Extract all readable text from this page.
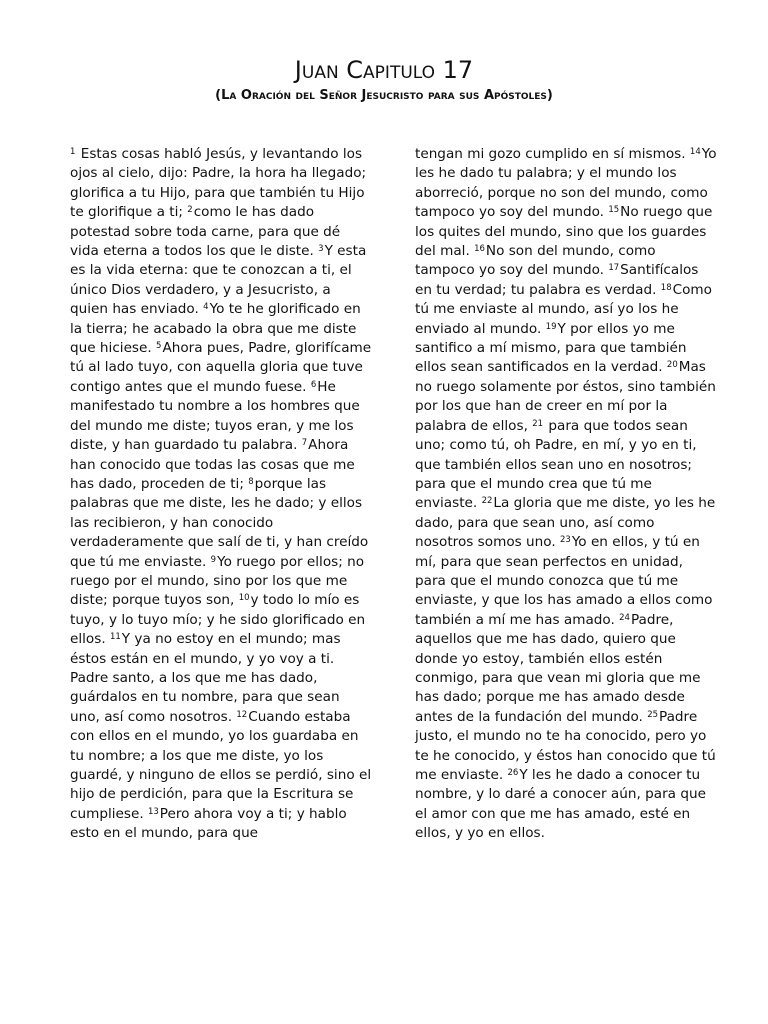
Juan Capitulo 17
(La Oración del Señor Jesucristo para sus Apóstoles)

$^1$ Estas cosas habló Jesús, y levantando los ojos al cielo, dijo: Padre, la hora ha llegado; glorifica a tu Hijo, para que también tu Hijo te glorifique a ti; $^2$como le has dado potestad sobre toda carne, para que dé vida eterna a todos los que le diste. $^3$Y esta es la vida eterna: que te conozcan a ti, el único Dios verdadero, y a Jesucristo, a quien has enviado. $^4$Yo te he glorificado en la tierra; he acabado la obra que me diste que hiciese. $^5$Ahora pues, Padre, glorifícame tú al lado tuyo, con aquella gloria que tuve contigo antes que el mundo fuese. $^6$He manifestado tu nombre a los hombres que del mundo me diste; tuyos eran, y me los diste, y han guardado tu palabra. $^7$Ahora han conocido que todas las cosas que me has dado, proceden de ti; $^8$porque las palabras que me diste, les he dado; y ellos las recibieron, y han conocido verdaderamente que salí de ti, y han creído que tú me enviaste. $^9$Yo ruego por ellos; no ruego por el mundo, sino por los que me diste; porque tuyos son, $^{10}$y todo lo mío es tuyo, y lo tuyo mío; y he sido glorificado en ellos. $^{11}$Y ya no estoy en el mundo; mas éstos están en el mundo, y yo voy a ti. Padre santo, a los que me has dado, guárdalos en tu nombre, para que sean uno, así como nosotros. $^{12}$Cuando estaba con ellos en el mundo, yo los guardaba en tu nombre; a los que me diste, yo los guardé, y ninguno de ellos se perdió, sino el hijo de perdición, para que la Escritura se cumpliese. $^{13}$Pero ahora voy a ti; y hablo esto en el mundo, para que

tengan mi gozo cumplido en sí mismos. $^{14}$Yo les he dado tu palabra; y el mundo los aborreció, porque no son del mundo, como tampoco yo soy del mundo. $^{15}$No ruego que los quites del mundo, sino que los guardes del mal. $^{16}$No son del mundo, como tampoco yo soy del mundo. $^{17}$Santifícalos en tu verdad; tu palabra es verdad. $^{18}$Como tú me enviaste al mundo, así yo los he enviado al mundo. $^{19}$Y por ellos yo me santifico a mí mismo, para que también ellos sean santificados en la verdad. $^{20}$Mas no ruego solamente por éstos, sino también por los que han de creer en mí por la palabra de ellos, $^{21}$ para que todos sean uno; como tú, oh Padre, en mí, y yo en ti, que también ellos sean uno en nosotros; para que el mundo crea que tú me enviaste. $^{22}$La gloria que me diste, yo les he dado, para que sean uno, así como nosotros somos uno. $^{23}$Yo en ellos, y tú en mí, para que sean perfectos en unidad, para que el mundo conozca que tú me enviaste, y que los has amado a ellos como también a mí me has amado. $^{24}$Padre, aquellos que me has dado, quiero que donde yo estoy, también ellos estén conmigo, para que vean mi gloria que me has dado; porque me has amado desde antes de la fundación del mundo. $^{25}$Padre justo, el mundo no te ha conocido, pero yo te he conocido, y éstos han conocido que tú me enviaste. $^{26}$Y les he dado a conocer tu nombre, y lo daré a conocer aún, para que el amor con que me has amado, esté en ellos, y yo en ellos.
